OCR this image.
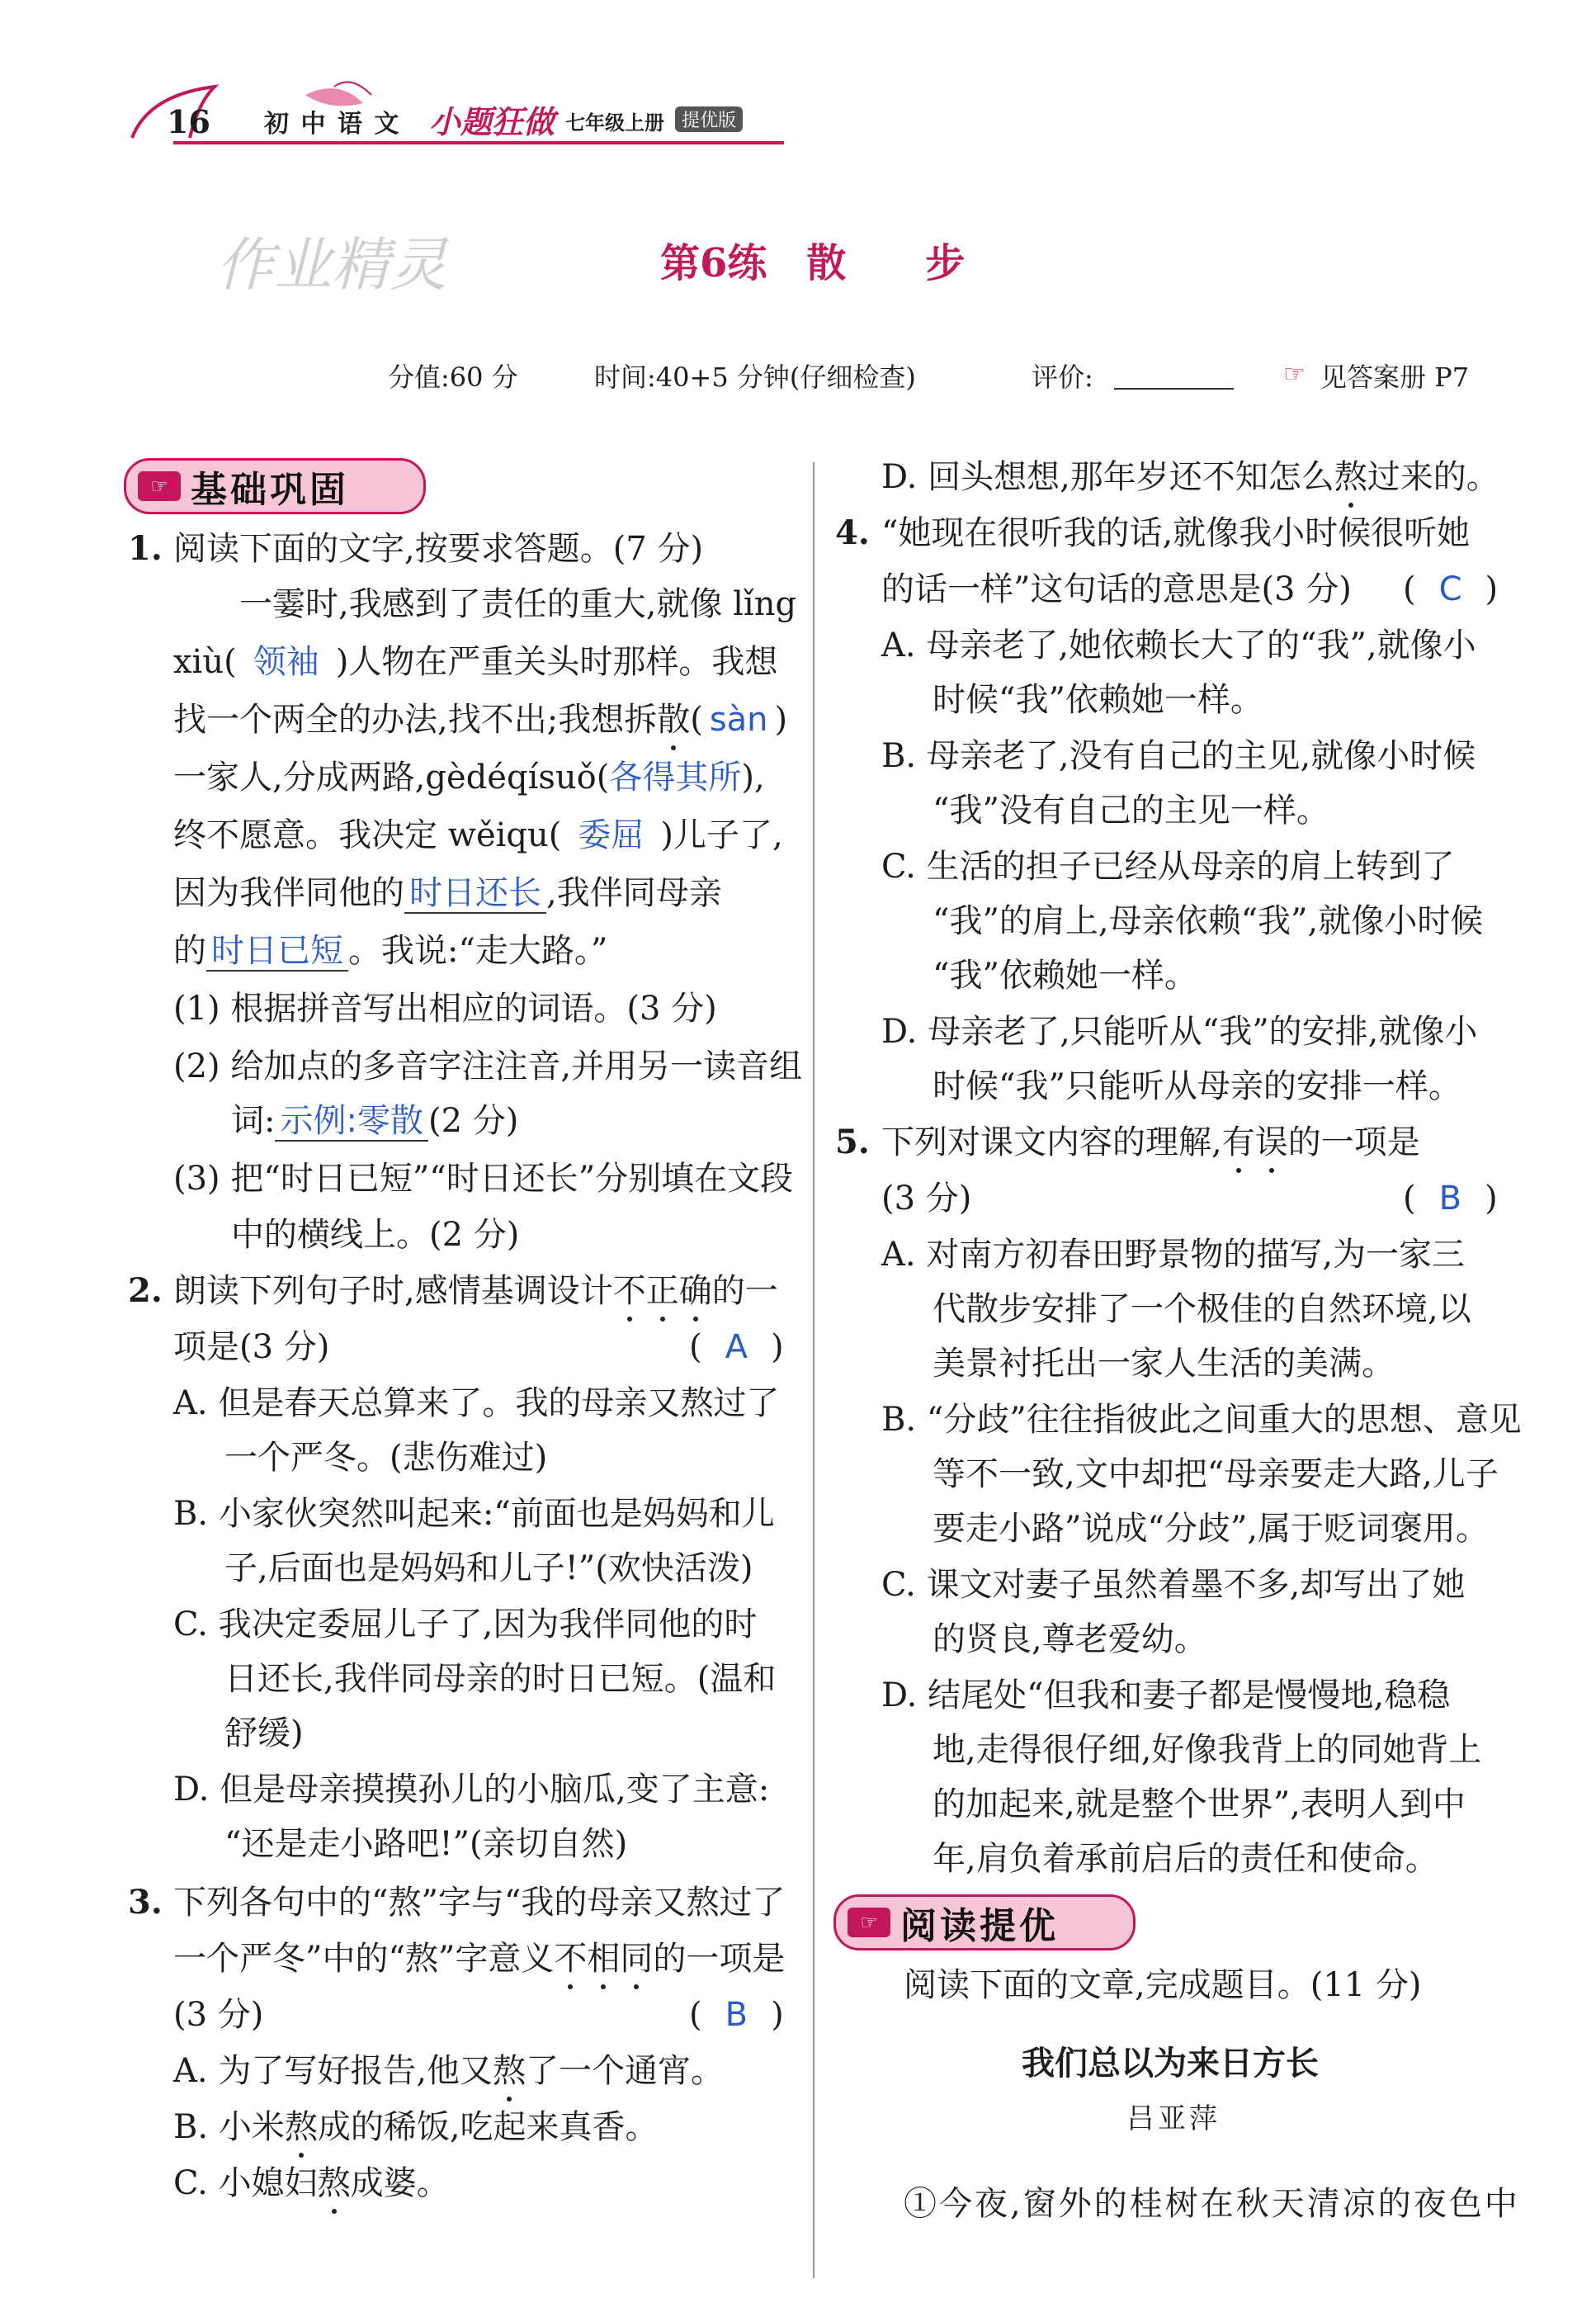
16 初 中 语 文 小题狂做 七年级上册 提优版
作业精灵	第6练　散　　步
分值:60 分	时间:40+5 分钟(仔细检查)	评价:	☞ 见答案册 P7
☞ 基础巩固
1. 阅读下面的文字,按要求答题。(7 分)
一霎时,我感到了责任的重大,就像 lǐng
xiù( 领袖 )人物在严重关头时那样。我想
找一个两全的办法,找不出;我想拆散( sàn )
一家人,分成两路,gèdéqísuǒ(各得其所),
终不愿意。我决定 wěiqu( 委屈 )儿子了,
因为我伴同他的 时日还长 ,我伴同母亲
的 时日已短 。我说:“走大路。”
(1) 根据拼音写出相应的词语。(3 分)
(2) 给加点的多音字注注音,并用另一读音组
词: 示例:零散 (2 分)
(3) 把“时日已短”“时日还长”分别填在文段
中的横线上。(2 分)
2. 朗读下列句子时,感情基调设计不正确的一
项是(3 分)	( A )
A. 但是春天总算来了。我的母亲又熬过了
一个严冬。(悲伤难过)
B. 小家伙突然叫起来:“前面也是妈妈和儿
子,后面也是妈妈和儿子!”(欢快活泼)
C. 我决定委屈儿子了,因为我伴同他的时
日还长,我伴同母亲的时日已短。(温和
舒缓)
D. 但是母亲摸摸孙儿的小脑瓜,变了主意:
“还是走小路吧!”(亲切自然)
3. 下列各句中的“熬”字与“我的母亲又熬过了
一个严冬”中的“熬”字意义不相同的一项是
(3 分)	( B )
A. 为了写好报告,他又熬了一个通宵。
B. 小米熬成的稀饭,吃起来真香。
C. 小媳妇熬成婆。
D. 回头想想,那年岁还不知怎么熬过来的。
4. “她现在很听我的话,就像我小时候很听她
的话一样”这句话的意思是(3 分) ( C )
A. 母亲老了,她依赖长大了的“我”,就像小
时候“我”依赖她一样。
B. 母亲老了,没有自己的主见,就像小时候
“我”没有自己的主见一样。
C. 生活的担子已经从母亲的肩上转到了
“我”的肩上,母亲依赖“我”,就像小时候
“我”依赖她一样。
D. 母亲老了,只能听从“我”的安排,就像小
时候“我”只能听从母亲的安排一样。
5. 下列对课文内容的理解,有误的一项是
(3 分)	( B )
A. 对南方初春田野景物的描写,为一家三
代散步安排了一个极佳的自然环境,以
美景衬托出一家人生活的美满。
B. “分歧”往往指彼此之间重大的思想、意见
等不一致,文中却把“母亲要走大路,儿子
要走小路”说成“分歧”,属于贬词褒用。
C. 课文对妻子虽然着墨不多,却写出了她
的贤良,尊老爱幼。
D. 结尾处“但我和妻子都是慢慢地,稳稳
地,走得很仔细,好像我背上的同她背上
的加起来,就是整个世界”,表明人到中
年,肩负着承前启后的责任和使命。
☞ 阅读提优
阅读下面的文章,完成题目。(11 分)
我们总以为来日方长
吕亚萍
①今夜,窗外的桂树在秋天清凉的夜色中
